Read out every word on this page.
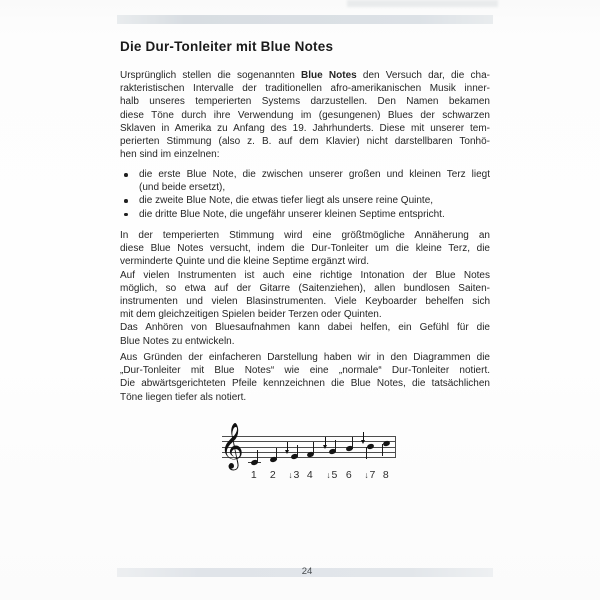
Die Dur-Tonleiter mit Blue Notes
Ursprünglich stellen die sogenannten Blue Notes den Versuch dar, die cha-
rakteristischen Intervalle der traditionellen afro-amerikanischen Musik inner-
halb unseres temperierten Systems darzustellen. Den Namen bekamen
diese Töne durch ihre Verwendung im (gesungenen) Blues der schwarzen
Sklaven in Amerika zu Anfang des 19. Jahrhunderts. Diese mit unserer tem-
perierten Stimmung (also z. B. auf dem Klavier) nicht darstellbaren Tonhö-
hen sind im einzelnen:
die erste Blue Note, die zwischen unserer großen und kleinen Terz liegt
(und beide ersetzt),
die zweite Blue Note, die etwas tiefer liegt als unsere reine Quinte,
die dritte Blue Note, die ungefähr unserer kleinen Septime entspricht.
In der temperierten Stimmung wird eine größtmögliche Annäherung an
diese Blue Notes versucht, indem die Dur-Tonleiter um die kleine Terz, die
verminderte Quinte und die kleine Septime ergänzt wird.
Auf vielen Instrumenten ist auch eine richtige Intonation der Blue Notes
möglich, so etwa auf der Gitarre (Saitenziehen), allen bundlosen Saiten-
instrumenten und vielen Blasinstrumenten. Viele Keyboarder behelfen sich
mit dem gleichzeitigen Spielen beider Terzen oder Quinten.
Das Anhören von Bluesaufnahmen kann dabei helfen, ein Gefühl für die
Blue Notes zu entwickeln.
Aus Gründen der einfacheren Darstellung haben wir in den Diagrammen die
„Dur-Tonleiter mit Blue Notes“ wie eine „normale“ Dur-Tonleiter notiert.
Die abwärtsgerichteten Pfeile kennzeichnen die Blue Notes, die tatsächlichen
Töne liegen tiefer als notiert.
𝄞
1 2 ↓3 4 ↓5 6 ↓7 8
24
